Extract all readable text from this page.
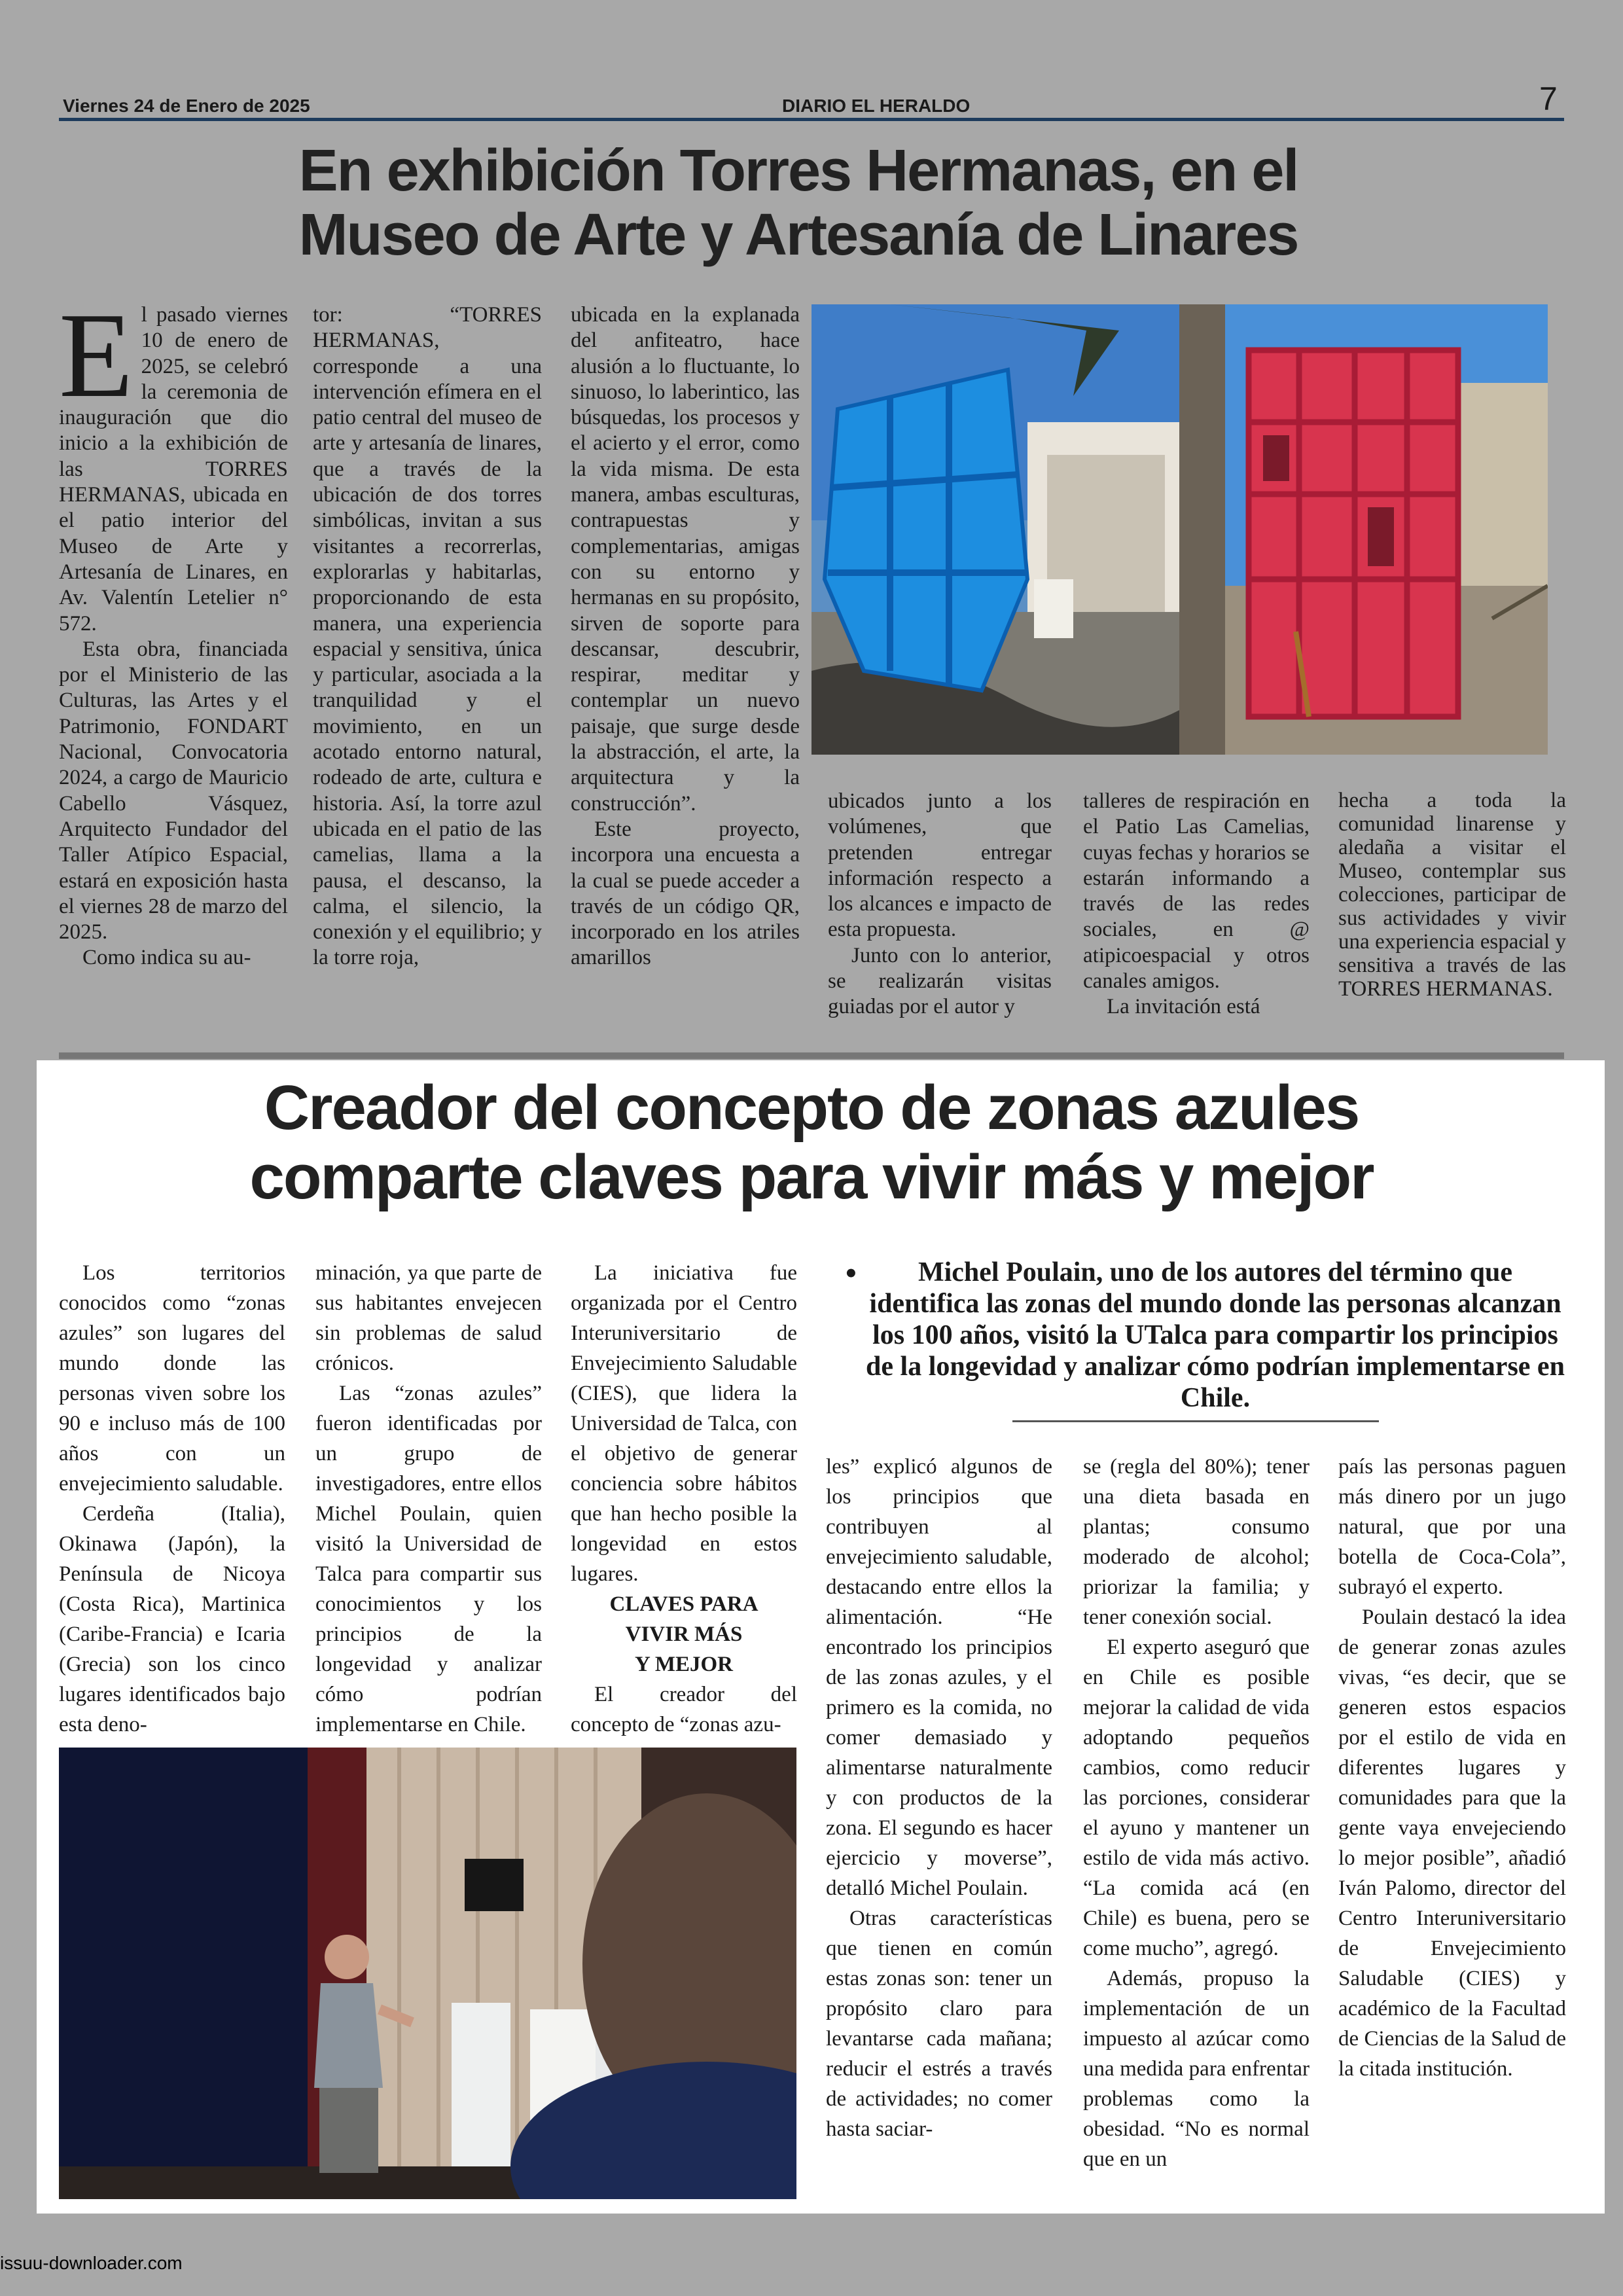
Viernes 24 de Enero de 2025	DIARIO EL HERALDO	7
En exhibición Torres Hermanas, en el
Museo de Arte y Artesanía de Linares
E l pasado viernes 10 de enero de 2025, se celebró la ceremonia de inauguración que dio inicio a la exhibición de las TORRES HERMANAS, ubicada en el patio interior del Museo de Arte y Artesanía de Linares, en Av. Valentín Letelier n° 572.

Esta obra, financiada por el Ministerio de las Culturas, las Artes y el Patrimonio, FONDART Nacional, Convocatoria 2024, a cargo de Mauricio Cabello Vásquez, Arquitecto Fundador del Taller Atípico Espacial, estará en exposición hasta el viernes 28 de marzo del 2025.

Como indica su au-

tor: “TORRES HERMANAS, corresponde a una intervención efímera en el patio central del museo de arte y artesanía de linares, que a través de la ubicación de dos torres simbólicas, invitan a sus visitantes a recorrerlas, explorarlas y habitarlas, proporcionando de esta manera, una experiencia espacial y sensitiva, única y particular, asociada a la tranquilidad y el movimiento, en un acotado entorno natural, rodeado de arte, cultura e historia. Así, la torre azul ubicada en el patio de las camelias, llama a la pausa, el descanso, la calma, el silencio, la conexión y el equilibrio; y la torre roja,

ubicada en la explanada del anfiteatro, hace alusión a lo fluctuante, lo sinuoso, lo laberintico, las búsquedas, los procesos y el acierto y el error, como la vida misma. De esta manera, ambas esculturas, contrapuestas y complementarias, amigas con su entorno y hermanas en su propósito, sirven de soporte para descansar, descubrir, respirar, meditar y contemplar un nuevo paisaje, que surge desde la abstracción, el arte, la arquitectura y la construcción”.

Este proyecto, incorpora una encuesta a la cual se puede acceder a través de un código QR, incorporado en los atriles amarillos

ubicados junto a los volúmenes, que pretenden entregar información respecto a los alcances e impacto de esta propuesta.

Junto con lo anterior, se realizarán visitas guiadas por el autor y

talleres de respiración en el Patio Las Camelias, cuyas fechas y horarios se estarán informando a través de las redes sociales, en @ atipicoespacial y otros canales amigos.

La invitación está

hecha a toda la comunidad linarense y aledaña a visitar el Museo, contemplar sus colecciones, participar de sus actividades y vivir una experiencia espacial y sensitiva a través de las TORRES HERMANAS.

Creador del concepto de zonas azules
comparte claves para vivir más y mejor

Los territorios conocidos como “zonas azules” son lugares del mundo donde las personas viven sobre los 90 e incluso más de 100 años con un envejecimiento saludable.

Cerdeña (Italia), Okinawa (Japón), la Península de Nicoya (Costa Rica), Martinica (Caribe-Francia) e Icaria (Grecia) son los cinco lugares identificados bajo esta deno-

minación, ya que parte de sus habitantes envejecen sin problemas de salud crónicos.

Las “zonas azules” fueron identificadas por un grupo de investigadores, entre ellos Michel Poulain, quien visitó la Universidad de Talca para compartir sus conocimientos y los principios de la longevidad y analizar cómo podrían implementarse en Chile.

La iniciativa fue organizada por el Centro Interuniversitario de Envejecimiento Saludable (CIES), que lidera la Universidad de Talca, con el objetivo de generar conciencia sobre hábitos que han hecho posible la longevidad en estos lugares.

CLAVES PARA
VIVIR MÁS
Y MEJOR

El creador del concepto de “zonas azu-

•	Michel Poulain, uno de los autores del término que identifica las zonas del mundo donde las personas alcanzan los 100 años, visitó la UTalca para compartir los principios de la longevidad y analizar cómo podrían implementarse en Chile.

les” explicó algunos de los principios que contribuyen al envejecimiento saludable, destacando entre ellos la alimentación. “He encontrado los principios de las zonas azules, y el primero es la comida, no comer demasiado y alimentarse naturalmente y con productos de la zona. El segundo es hacer ejercicio y moverse”, detalló Michel Poulain.

Otras características que tienen en común estas zonas son: tener un propósito claro para levantarse cada mañana; reducir el estrés a través de actividades; no comer hasta saciar-

se (regla del 80%); tener una dieta basada en plantas; consumo moderado de alcohol; priorizar la familia; y tener conexión social.

El experto aseguró que en Chile es posible mejorar la calidad de vida adoptando pequeños cambios, como reducir las porciones, considerar el ayuno y mantener un estilo de vida más activo. “La comida acá (en Chile) es buena, pero se come mucho”, agregó.

Además, propuso la implementación de un impuesto al azúcar como una medida para enfrentar problemas como la obesidad. “No es normal que en un

país las personas paguen más dinero por un jugo natural, que por una botella de Coca-Cola”, subrayó el experto.

Poulain destacó la idea de generar zonas azules vivas, “es decir, que se generen estos espacios por el estilo de vida en diferentes lugares y comunidades para que la gente vaya envejeciendo lo mejor posible”, añadió Iván Palomo, director del Centro Interuniversitario de Envejecimiento Saludable (CIES) y académico de la Facultad de Ciencias de la Salud de la citada institución.

issuu-downloader.com
